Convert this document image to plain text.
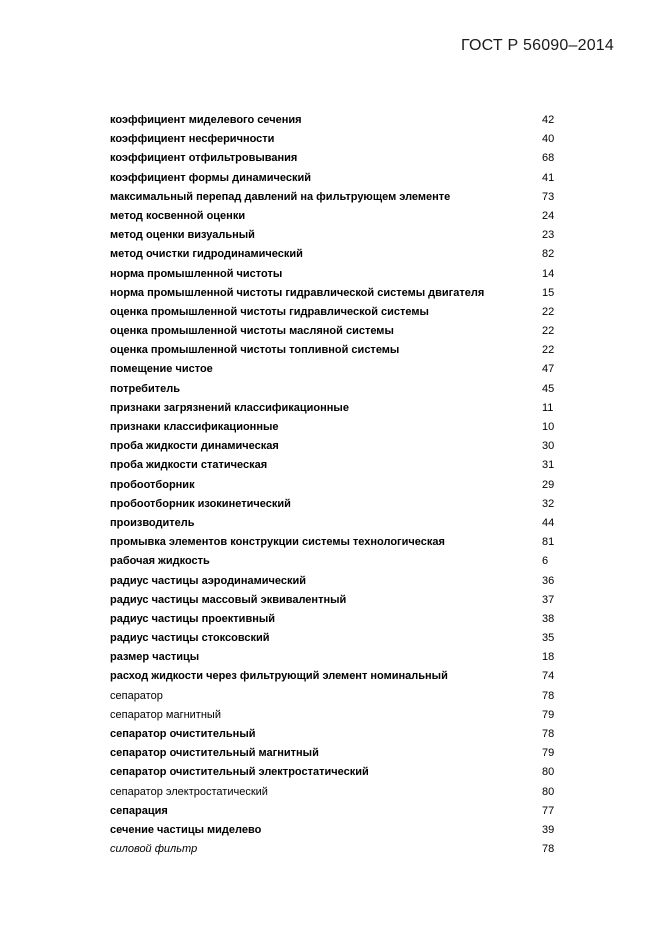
ГОСТ Р 56090–2014
коэффициент миделевого сечения	42
коэффициент несферичности	40
коэффициент отфильтровывания	68
коэффициент формы динамический	41
максимальный перепад давлений на фильтрующем элементе	73
метод косвенной оценки	24
метод оценки визуальный	23
метод очистки гидродинамический	82
норма промышленной чистоты	14
норма промышленной чистоты гидравлической системы двигателя	15
оценка промышленной чистоты гидравлической системы	22
оценка промышленной чистоты масляной системы	22
оценка промышленной чистоты топливной системы	22
помещение чистое	47
потребитель	45
признаки загрязнений классификационные	11
признаки классификационные	10
проба жидкости динамическая	30
проба жидкости статическая	31
пробоотборник	29
пробоотборник изокинетический	32
производитель	44
промывка элементов конструкции системы технологическая	81
рабочая жидкость	6
радиус частицы аэродинамический	36
радиус частицы массовый эквивалентный	37
радиус частицы проективный	38
радиус частицы стоксовский	35
размер частицы	18
расход жидкости через фильтрующий элемент номинальный	74
сепаратор	78
сепаратор магнитный	79
сепаратор очистительный	78
сепаратор очистительный магнитный	79
сепаратор очистительный электростатический	80
сепаратор электростатический	80
сепарация	77
сечение частицы миделево	39
силовой фильтр	78
